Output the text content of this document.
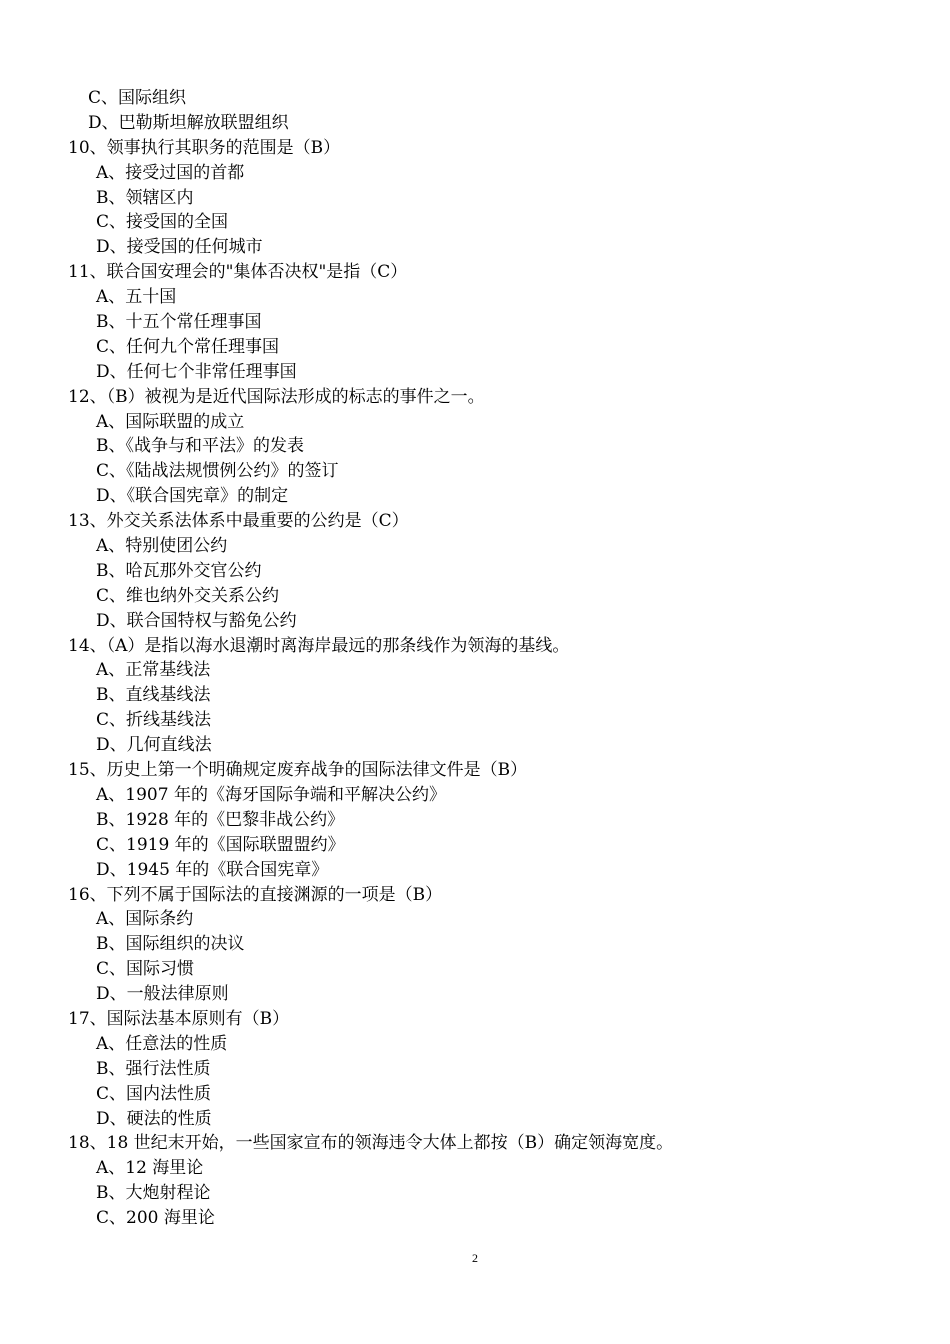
C、国际组织
D、巴勒斯坦解放联盟组织
10、领事执行其职务的范围是（B）
A、接受过国的首都
B、领辖区内
C、接受国的全国
D、接受国的任何城市
11、联合国安理会的"集体否决权"是指（C）
A、五十国
B、十五个常任理事国
C、任何九个常任理事国
D、任何七个非常任理事国
12、（B）被视为是近代国际法形成的标志的事件之一。
A、国际联盟的成立
B、《战争与和平法》的发表
C、《陆战法规惯例公约》的签订
D、《联合国宪章》的制定
13、外交关系法体系中最重要的公约是（C）
A、特别使团公约
B、哈瓦那外交官公约
C、维也纳外交关系公约
D、联合国特权与豁免公约
14、（A）是指以海水退潮时离海岸最远的那条线作为领海的基线。
A、正常基线法
B、直线基线法
C、折线基线法
D、几何直线法
15、历史上第一个明确规定废弃战争的国际法律文件是（B）
A、1907 年的《海牙国际争端和平解决公约》
B、1928 年的《巴黎非战公约》
C、1919 年的《国际联盟盟约》
D、1945 年的《联合国宪章》
16、下列不属于国际法的直接渊源的一项是（B）
A、国际条约
B、国际组织的决议
C、国际习惯
D、一般法律原则
17、国际法基本原则有（B）
A、任意法的性质
B、强行法性质
C、国内法性质
D、硬法的性质
18、18 世纪末开始，一些国家宣布的领海违令大体上都按（B）确定领海宽度。
A、12 海里论
B、大炮射程论
C、200 海里论
2
